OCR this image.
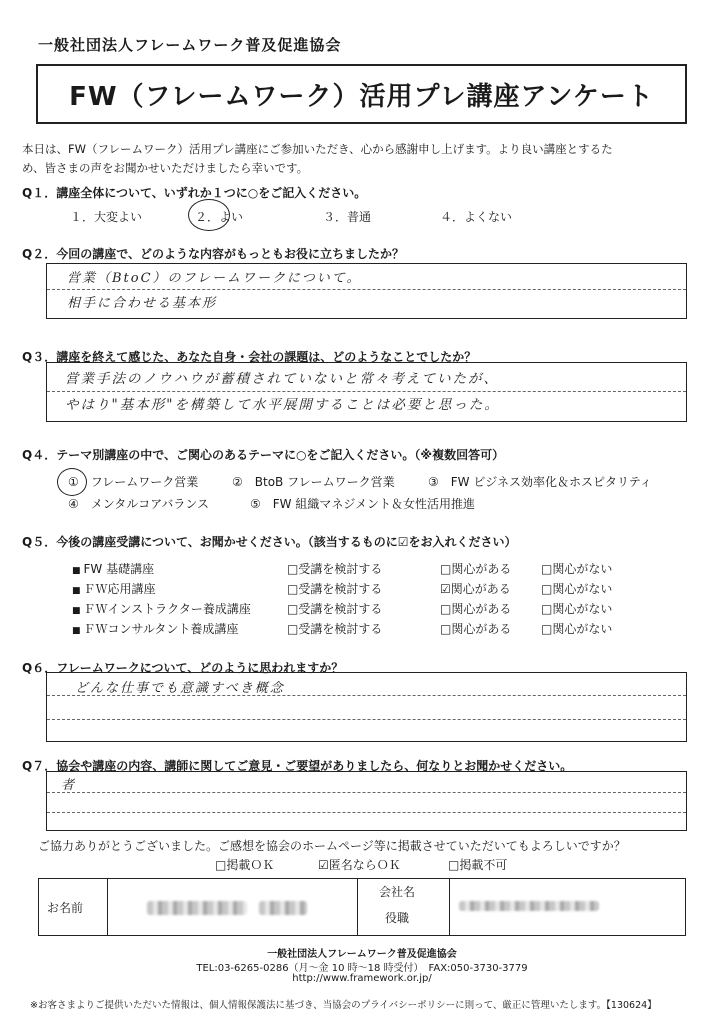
一般社団法人フレームワーク普及促進協会
FW（フレームワーク）活用プレ講座アンケート
本日は、FW（フレームワーク）活用プレ講座にご参加いただき、心から感謝申し上げます。より良い講座とするた
め、皆さまの声をお聞かせいただけましたら幸いです。
Q１．講座全体について、いずれか１つに○をご記入ください。
１．大変よい	２．よい	３．普通	４．よくない
Q２．今回の講座で、どのような内容がもっともお役に立ちましたか？
営業（BtoC）のフレームワークについて。
相手に合わせる基本形
Q３．講座を終えて感じた、あなた自身・会社の課題は、どのようなことでしたか？
営業手法のノウハウが蓄積されていないと常々考えていたが、
やはり"基本形"を構築して水平展開することは必要と思った。
Q４．テーマ別講座の中で、ご関心のあるテーマに○をご記入ください。（※複数回答可）
①　フレームワーク営業	②　BtoB フレームワーク営業	③　FW ビジネス効率化＆ホスピタリティ
④　メンタルコアバランス	⑤　FW 組織マネジメント＆女性活用推進
Q５．今後の講座受講について、お聞かせください。（該当するものに☑をお入れください）
■ FW 基礎講座	□受講を検討する	□関心がある □関心がない
■ ＦＷ応用講座	□受講を検討する	☑関心がある	□関心がない
■ ＦＷインストラクター養成講座	□受講を検討する	□関心がある □関心がない
■ ＦＷコンサルタント養成講座	□受講を検討する	□関心がある □関心がない
Q６．フレームワークについて、どのように思われますか？
どんな仕事でも意識すべき概念
Q７．協会や講座の内容、講師に関してご意見・ご要望がありましたら、何なりとお聞かせください。
者
ご協力ありがとうございました。ご感想を協会のホームページ等に掲載させていただいてもよろしいですか？
□掲載ＯＫ	☑匿名ならＯＫ	□掲載不可
お名前
会社名
役職
一般社団法人フレームワーク普及促進協会
TEL:03-6265-0286（月〜金 10 時〜18 時受付）　FAX:050-3730-3779
http://www.framework.or.jp/
※お客さまよりご提供いただいた情報は、個人情報保護法に基づき、当協会のプライバシーポリシーに則って、厳正に管理いたします。【130624】
